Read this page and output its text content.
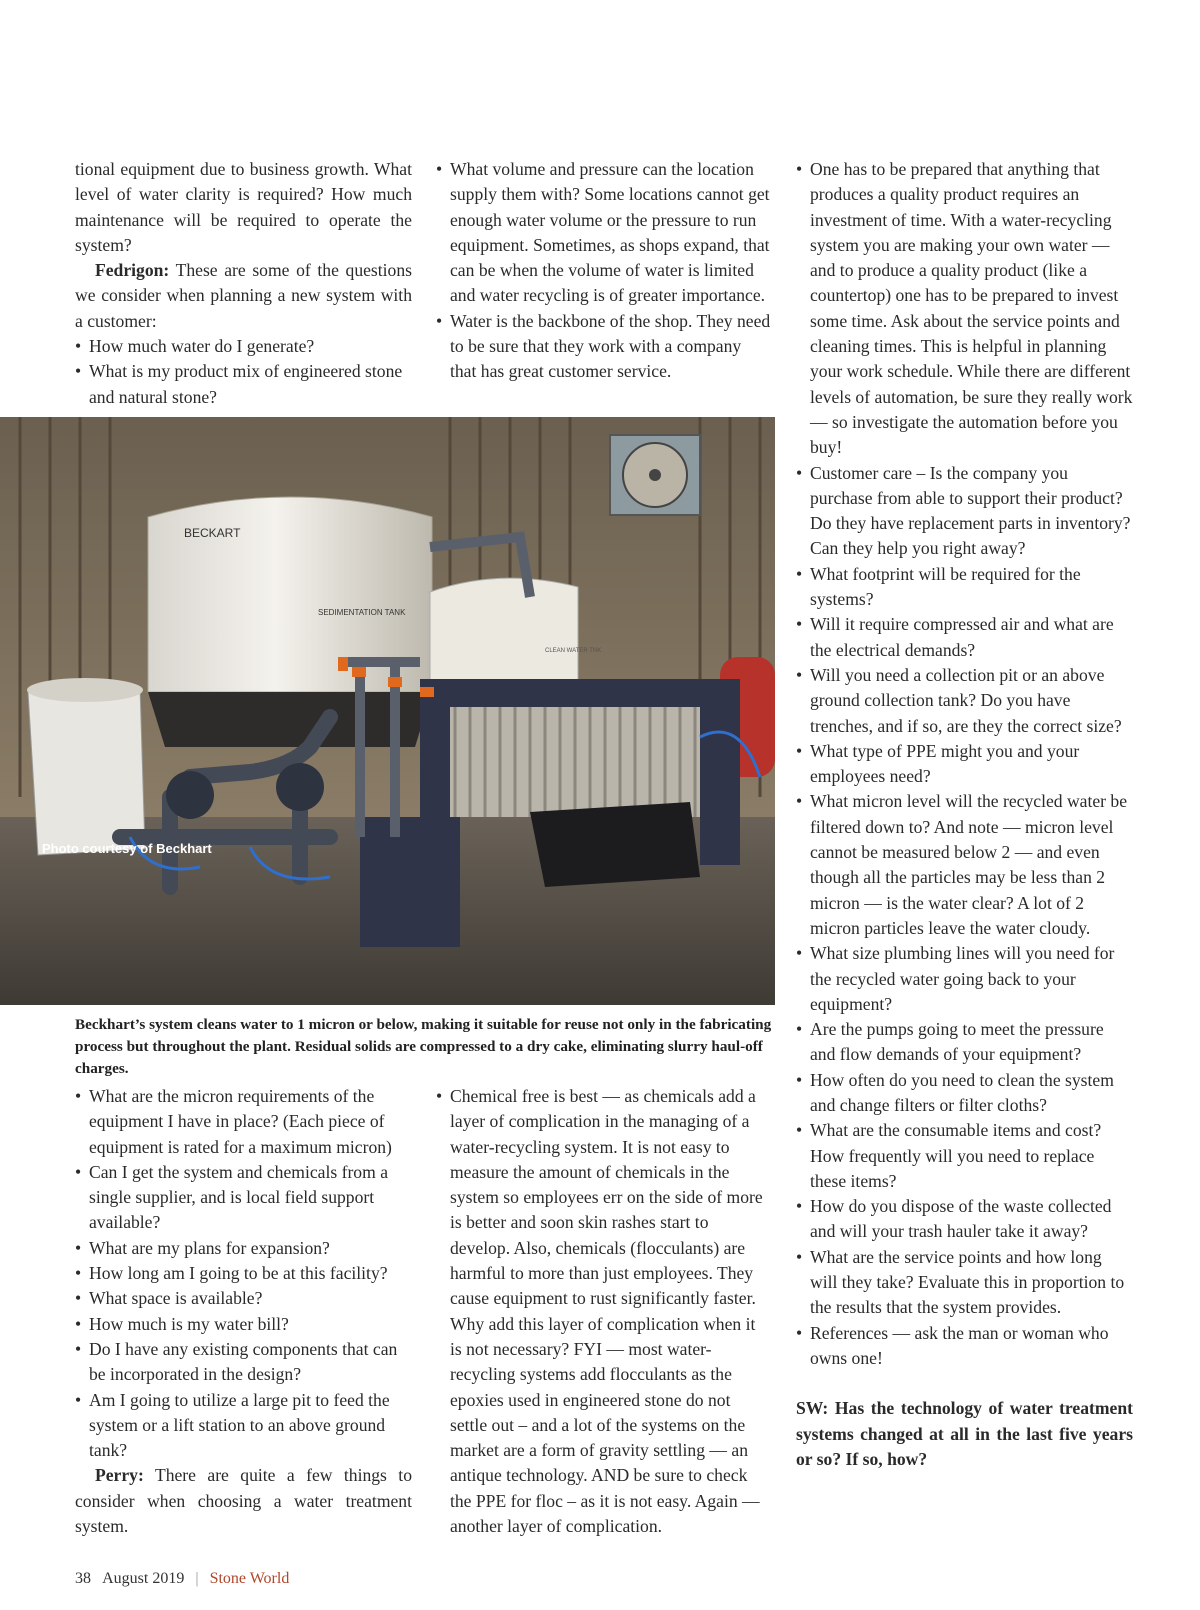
tional equipment due to business growth. What level of water clarity is required? How much maintenance will be required to operate the system?

Fedrigon: These are some of the questions we consider when planning a new system with a customer:

• How much water do I generate?
• What is my product mix of engineered stone and natural stone?
• What volume and pressure can the location supply them with? Some locations cannot get enough water volume or the pressure to run equipment. Sometimes, as shops expand, that can be when the volume of water is limited and water recycling is of greater importance.
• Water is the backbone of the shop. They need to be sure that they work with a company that has great customer service.
BECKART
SEDIMENTATION TANK
CLEAN WATER TNK
Photo courtesy of Beckhart

Beckhart’s system cleans water to 1 micron or below, making it suitable for reuse not only in the fabricating process but throughout the plant. Residual solids are compressed to a dry cake, eliminating slurry haul-off charges.

• What are the micron requirements of the equipment I have in place? (Each piece of equipment is rated for a maximum micron)
• Can I get the system and chemicals from a single supplier, and is local field support available?
• What are my plans for expansion?
• How long am I going to be at this facility?
• What space is available?
• How much is my water bill?
• Do I have any existing components that can be incorporated in the design?
• Am I going to utilize a large pit to feed the system or a lift station to an above ground tank?

Perry: There are quite a few things to consider when choosing a water treatment system.

• Chemical free is best — as chemicals add a layer of complication in the managing of a water-recycling system. It is not easy to measure the amount of chemicals in the system so employees err on the side of more is better and soon skin rashes start to develop. Also, chemicals (flocculants) are harmful to more than just employees. They cause equipment to rust significantly faster. Why add this layer of complication when it is not necessary? FYI — most water-recycling systems add flocculants as the epoxies used in engineered stone do not settle out – and a lot of the systems on the market are a form of gravity settling — an antique technology. AND be sure to check the PPE for floc – as it is not easy. Again — another layer of complication.
• One has to be prepared that anything that produces a quality product requires an investment of time. With a water-recycling system you are making your own water — and to produce a quality product (like a countertop) one has to be prepared to invest some time. Ask about the service points and cleaning times. This is helpful in planning your work schedule. While there are different levels of automation, be sure they really work — so investigate the automation before you buy!
• Customer care – Is the company you purchase from able to support their product? Do they have replacement parts in inventory? Can they help you right away?
• What footprint will be required for the systems?
• Will it require compressed air and what are the electrical demands?
• Will you need a collection pit or an above ground collection tank? Do you have trenches, and if so, are they the correct size?
• What type of PPE might you and your employees need?
• What micron level will the recycled water be filtered down to? And note — micron level cannot be measured below 2 — and even though all the particles may be less than 2 micron — is the water clear? A lot of 2 micron particles leave the water cloudy.
• What size plumbing lines will you need for the recycled water going back to your equipment?
• Are the pumps going to meet the pressure and flow demands of your equipment?
• How often do you need to clean the system and change filters or filter cloths?
• What are the consumable items and cost? How frequently will you need to replace these items?
• How do you dispose of the waste collected and will your trash hauler take it away?
• What are the service points and how long will they take? Evaluate this in proportion to the results that the system provides.
• References — ask the man or woman who owns one!

SW: Has the technology of water treatment systems changed at all in the last five years or so? If so, how?

38 August 2019 | Stone World
